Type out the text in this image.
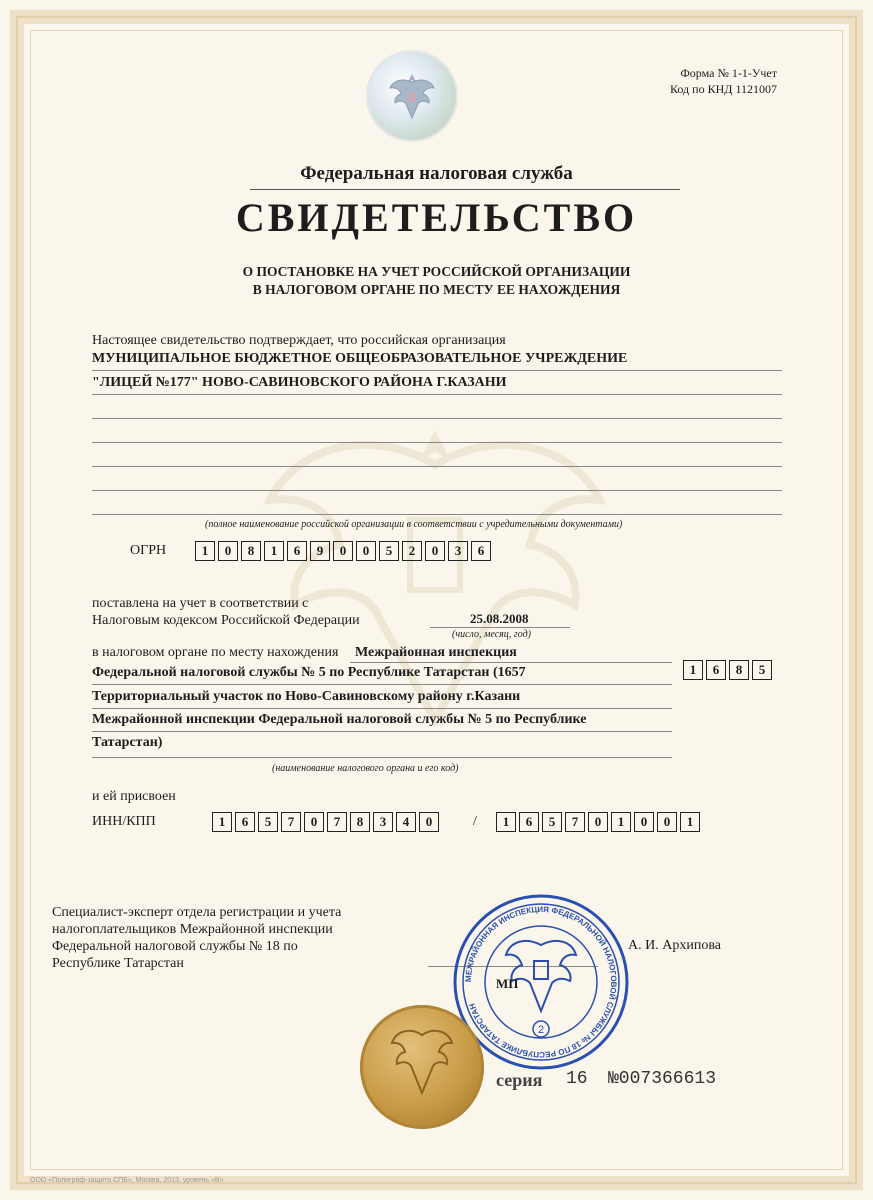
Форма № 1-1-Учет
Код по КНД 1121007
Федеральная налоговая служба
СВИДЕТЕЛЬСТВО
О ПОСТАНОВКЕ НА УЧЕТ РОССИЙСКОЙ ОРГАНИЗАЦИИ
В НАЛОГОВОМ ОРГАНЕ ПО МЕСТУ ЕЕ НАХОЖДЕНИЯ
Настоящее свидетельство подтверждает, что российская организация
МУНИЦИПАЛЬНОЕ БЮДЖЕТНОЕ ОБЩЕОБРАЗОВАТЕЛЬНОЕ УЧРЕЖДЕНИЕ
"ЛИЦЕЙ №177" НОВО-САВИНОВСКОГО РАЙОНА Г.КАЗАНИ
(полное наименование российской организации в соответствии с учредительными документами)
ОГРН	1	0	8	1	6	9	0	0	5	2	0	3	6
поставлена на учет в соответствии с
Налоговым кодексом Российской Федерации	25.08.2008
(число, месяц, год)
в налоговом органе по месту нахождения Межрайонная инспекция
Федеральной налоговой службы № 5 по Республике Татарстан (1657	1	6	8	5
Территориальный участок по Ново-Савиновскому району г.Казани
Межрайонной инспекции Федеральной налоговой службы № 5 по Республике
Татарстан)
(наименование налогового органа и его код)
и ей присвоен
ИНН/КПП	1	6	5	7	0	7	8	3	4	0	/	1	6	5	7	0	1	0	0	1
Специалист-эксперт отдела регистрации и учета
налогоплательщиков Межрайонной инспекции
Федеральной налоговой службы № 18 по
Республике Татарстан
А. И. Архипова
МЕЖРАЙОННАЯ ИНСПЕКЦИЯ ФЕДЕРАЛЬНОЙ НАЛОГОВОЙ СЛУЖБЫ № 18 ПО РЕСПУБЛИКЕ ТАТАРСТАН
2
МП
серия 16 №007366613
ООО «Полиграф-защита СПБ», Москва, 2013, уровень «В»
